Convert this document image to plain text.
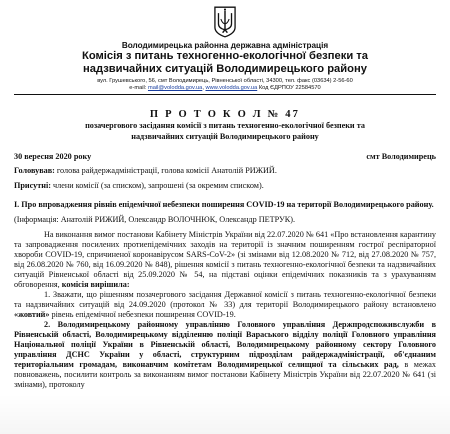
Володимирецька районна державна адміністрація
Комісія з питань техногенно-екологічної безпеки та
надзвичайних ситуацій Володимирецького району
вул. Грушевського, 56, смт Володимирець, Рівненської області, 34300, тел. факс (03634) 2-56-60
е-mail: mail@volodda.gov.ua, www.volodda.gov.ua Код ЄДРПОУ 22584570
П Р О Т О К О Л № 47
позачергового засідання комісії з питань техногенно-екологічної безпеки та
надзвичайних ситуацій Володимирецького району
30 вересня 2020 року	смт Володимирець
Головував: голова райдержадміністрації, голова комісії Анатолій РИЖИЙ.
Присутні: члени комісії (за списком), запрошені (за окремим списком).
І. Про впровадження рівнів епідемічної небезпеки поширення COVID-19 на території Володимирецького району.
(Інформація: Анатолій РИЖИЙ, Олександр ВОЛОЧНЮК, Олександр ПЕТРУК).
На виконання вимог постанови Кабінету Міністрів України від 22.07.2020 № 641 «Про встановлення карантину та запровадження посилених протиепідемічних заходів на території із значним поширенням гострої респіраторної хвороби COVID-19, спричиненої коронавірусом SARS-CoV-2» (зі змінами від 12.08.2020 № 712, від 27.08.2020 № 757, від 26.08.2020 № 760, від 16.09.2020 № 848), рішення комісії з питань техногенно-екологічної безпеки та надзвичайних ситуацій Рівненської області від 25.09.2020 № 54, на підставі оцінки епідемічних показників та з урахуванням обговорення, комісія вирішила:
1. Зважати, що рішенням позачергового засідання Державної комісії з питань техногенно-екологічної безпеки та надзвичайних ситуацій від 24.09.2020 (протокол № 33) для території Володимирецького району встановлено «жовтий» рівень епідемічної небезпеки поширення COVID-19.
2. Володимирецькому районному управлінню Головного управління Держпродспоживслужби в Рівненській області, Володимирецькому відділенню поліції Вараського відділу поліції Головного управління Національної поліції України в Рівненській області, Володимирецькому районному сектору Головного управління ДСНС України у області, структурним підрозділам райдержадміністрації, об'єднаним територіальним громадам, виконавчим комітетам Володимирецької селищної та сільських рад, в межах повноважень, посилити контроль за виконанням вимог постанови Кабінету Міністрів України від 22.07.2020 № 641 (зі змінами), протоколу
